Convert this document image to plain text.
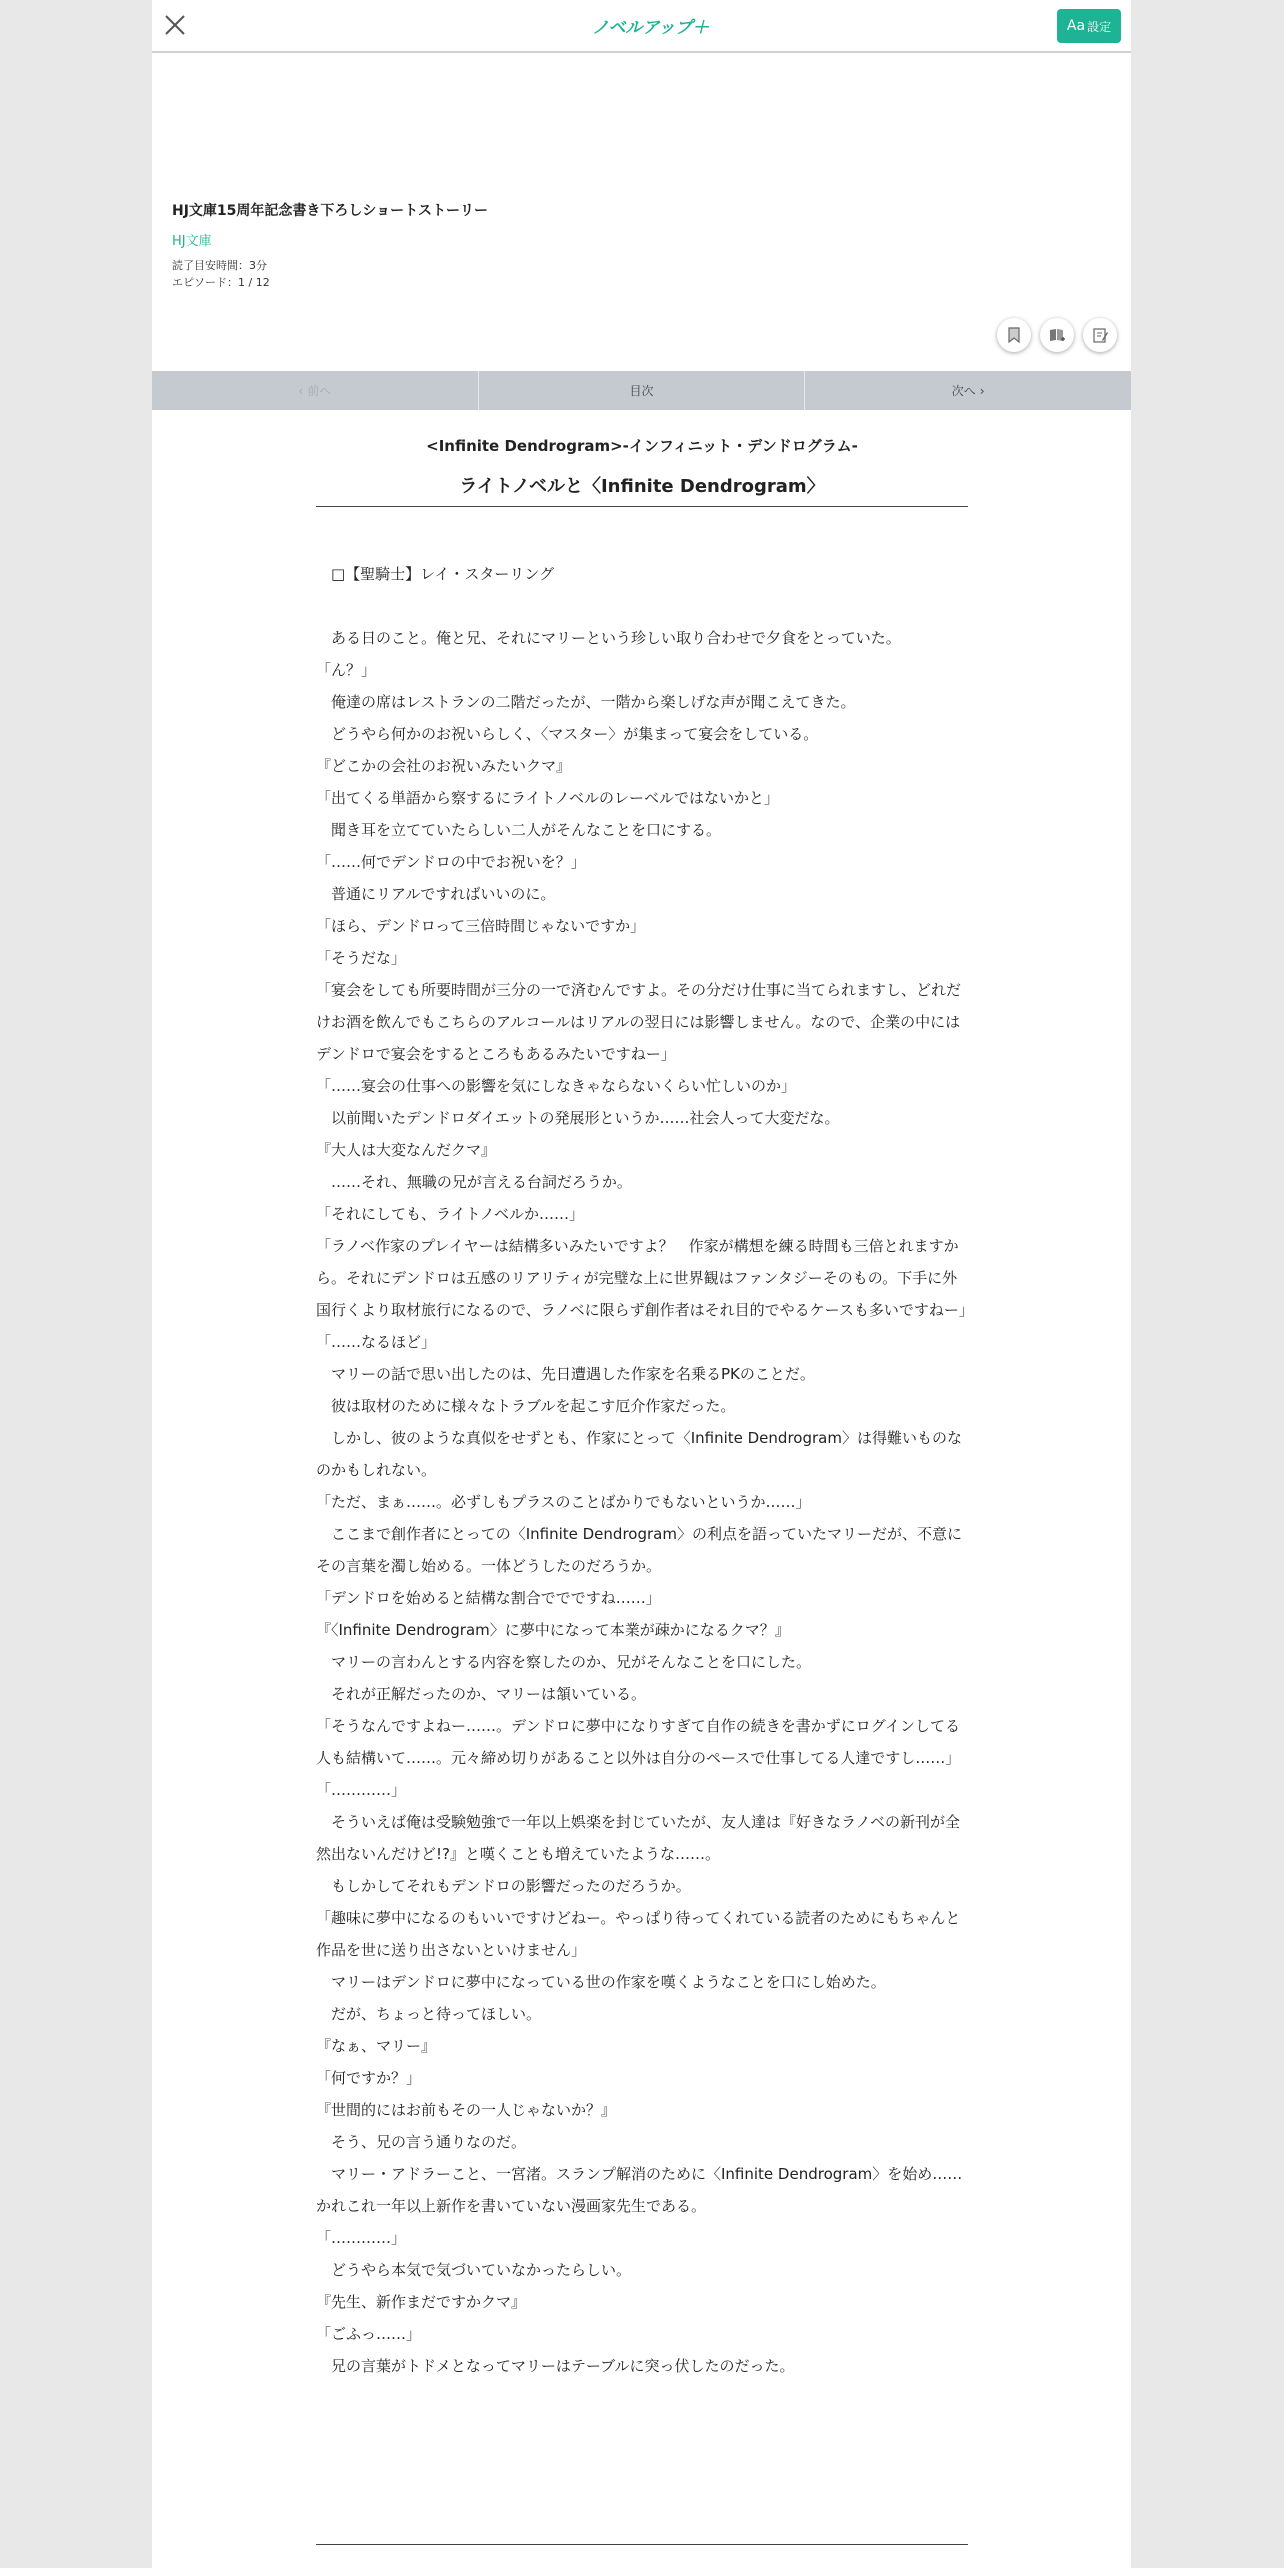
ノベルアップ＋	Aa 設定
HJ文庫15周年記念書き下ろしショートストーリー
HJ文庫
読了目安時間：3分
エピソード：1 / 12
‹ 前へ	目次	次へ ›
<Infinite Dendrogram>-インフィニット・デンドログラム-
ライトノベルと〈Infinite Dendrogram〉

　□【聖騎士】レイ・スターリング

　ある日のこと。俺と兄、それにマリーという珍しい取り合わせで夕食をとっていた。

「ん？」

　俺達の席はレストランの二階だったが、一階から楽しげな声が聞こえてきた。

　どうやら何かのお祝いらしく、〈マスター〉が集まって宴会をしている。

『どこかの会社のお祝いみたいクマ』

「出てくる単語から察するにライトノベルのレーベルではないかと」

　聞き耳を立てていたらしい二人がそんなことを口にする。

「……何でデンドロの中でお祝いを？」

　普通にリアルですればいいのに。

「ほら、デンドロって三倍時間じゃないですか」

「そうだな」

「宴会をしても所要時間が三分の一で済むんですよ。その分だけ仕事に当てられますし、どれだけお酒を飲んでもこちらのアルコールはリアルの翌日には影響しません。なので、企業の中にはデンドロで宴会をするところもあるみたいですねー」

「……宴会の仕事への影響を気にしなきゃならないくらい忙しいのか」

　以前聞いたデンドロダイエットの発展形というか……社会人って大変だな。

『大人は大変なんだクマ』

　……それ、無職の兄が言える台詞だろうか。

「それにしても、ライトノベルか……」

「ラノベ作家のプレイヤーは結構多いみたいですよ？　作家が構想を練る時間も三倍とれますから。それにデンドロは五感のリアリティが完璧な上に世界観はファンタジーそのもの。下手に外国行くより取材旅行になるので、ラノベに限らず創作者はそれ目的でやるケースも多いですねー」

「……なるほど」

　マリーの話で思い出したのは、先日遭遇した作家を名乗るPKのことだ。

　彼は取材のために様々なトラブルを起こす厄介作家だった。

　しかし、彼のような真似をせずとも、作家にとって〈Infinite Dendrogram〉は得難いものなのかもしれない。

「ただ、まぁ……。必ずしもプラスのことばかりでもないというか……」

　ここまで創作者にとっての〈Infinite Dendrogram〉の利点を語っていたマリーだが、不意にその言葉を濁し始める。一体どうしたのだろうか。

「デンドロを始めると結構な割合ででですね……」

『〈Infinite Dendrogram〉に夢中になって本業が疎かになるクマ？』

　マリーの言わんとする内容を察したのか、兄がそんなことを口にした。

　それが正解だったのか、マリーは頷いている。

「そうなんですよねー……。デンドロに夢中になりすぎて自作の続きを書かずにログインしてる人も結構いて……。元々締め切りがあること以外は自分のペースで仕事してる人達ですし……」

「…………」

　そういえば俺は受験勉強で一年以上娯楽を封じていたが、友人達は『好きなラノベの新刊が全然出ないんだけど!?』と嘆くことも増えていたような……。

　もしかしてそれもデンドロの影響だったのだろうか。

「趣味に夢中になるのもいいですけどねー。やっぱり待ってくれている読者のためにもちゃんと作品を世に送り出さないといけません」

　マリーはデンドロに夢中になっている世の作家を嘆くようなことを口にし始めた。

　だが、ちょっと待ってほしい。

『なぁ、マリー』

「何ですか？」

『世間的にはお前もその一人じゃないか？』

　そう、兄の言う通りなのだ。

　マリー・アドラーこと、一宮渚。スランプ解消のために〈Infinite Dendrogram〉を始め……かれこれ一年以上新作を書いていない漫画家先生である。

「…………」

　どうやら本気で気づいていなかったらしい。

『先生、新作まだですかクマ』

「ごふっ……」

　兄の言葉がトドメとなってマリーはテーブルに突っ伏したのだった。
